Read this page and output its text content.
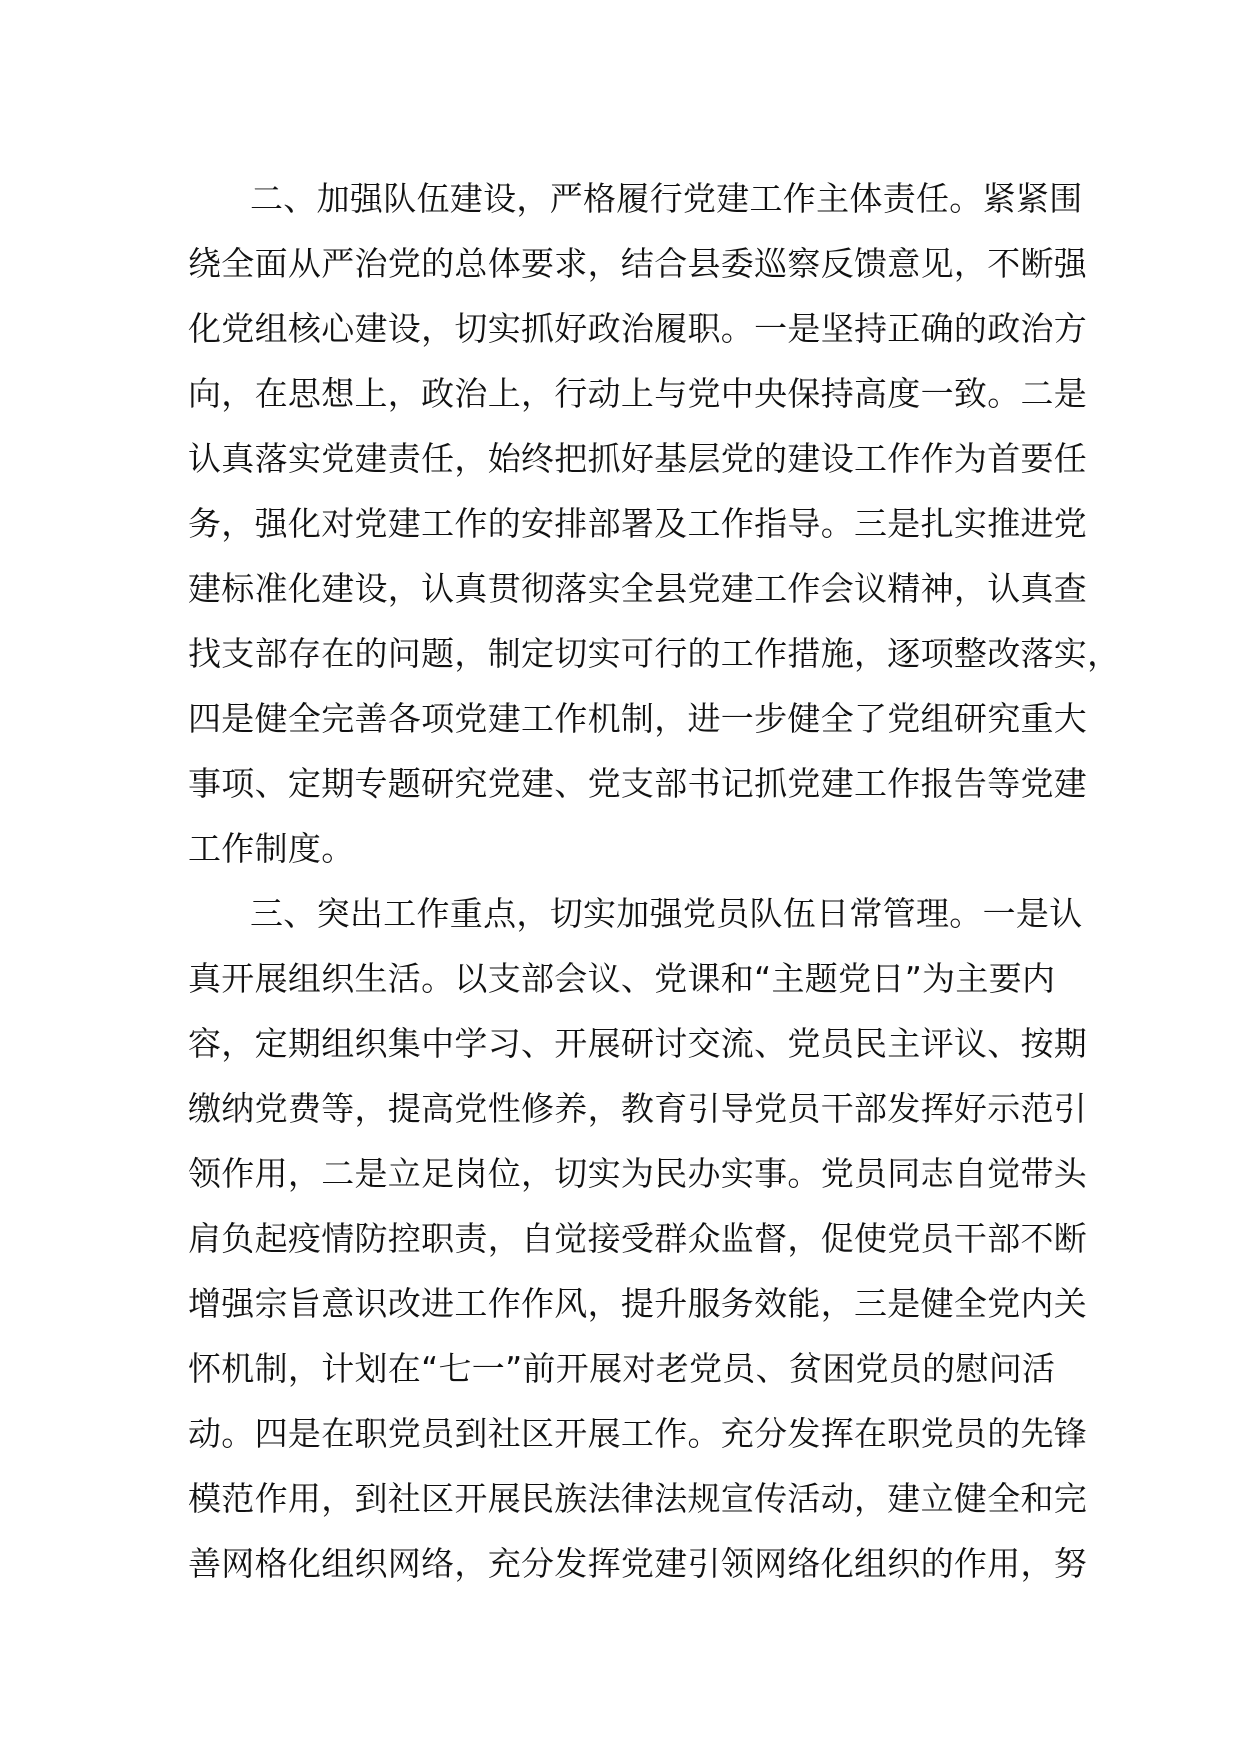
二、加强队伍建设，严格履行党建工作主体责任。紧紧围
绕全面从严治党的总体要求，结合县委巡察反馈意见，不断强
化党组核心建设，切实抓好政治履职。一是坚持正确的政治方
向，在思想上，政治上，行动上与党中央保持高度一致。二是
认真落实党建责任，始终把抓好基层党的建设工作作为首要任
务，强化对党建工作的安排部署及工作指导。三是扎实推进党
建标准化建设，认真贯彻落实全县党建工作会议精神，认真查
找支部存在的问题，制定切实可行的工作措施，逐项整改落实，
四是健全完善各项党建工作机制，进一步健全了党组研究重大
事项、定期专题研究党建、党支部书记抓党建工作报告等党建
工作制度。
三、突出工作重点，切实加强党员队伍日常管理。一是认
真开展组织生活。以支部会议、党课和“主题党日”为主要内
容，定期组织集中学习、开展研讨交流、党员民主评议、按期
缴纳党费等，提高党性修养，教育引导党员干部发挥好示范引
领作用，二是立足岗位，切实为民办实事。党员同志自觉带头
肩负起疫情防控职责，自觉接受群众监督，促使党员干部不断
增强宗旨意识改进工作作风，提升服务效能，三是健全党内关
怀机制，计划在“七一”前开展对老党员、贫困党员的慰问活
动。四是在职党员到社区开展工作。充分发挥在职党员的先锋
模范作用，到社区开展民族法律法规宣传活动，建立健全和完
善网格化组织网络，充分发挥党建引领网络化组织的作用，努
